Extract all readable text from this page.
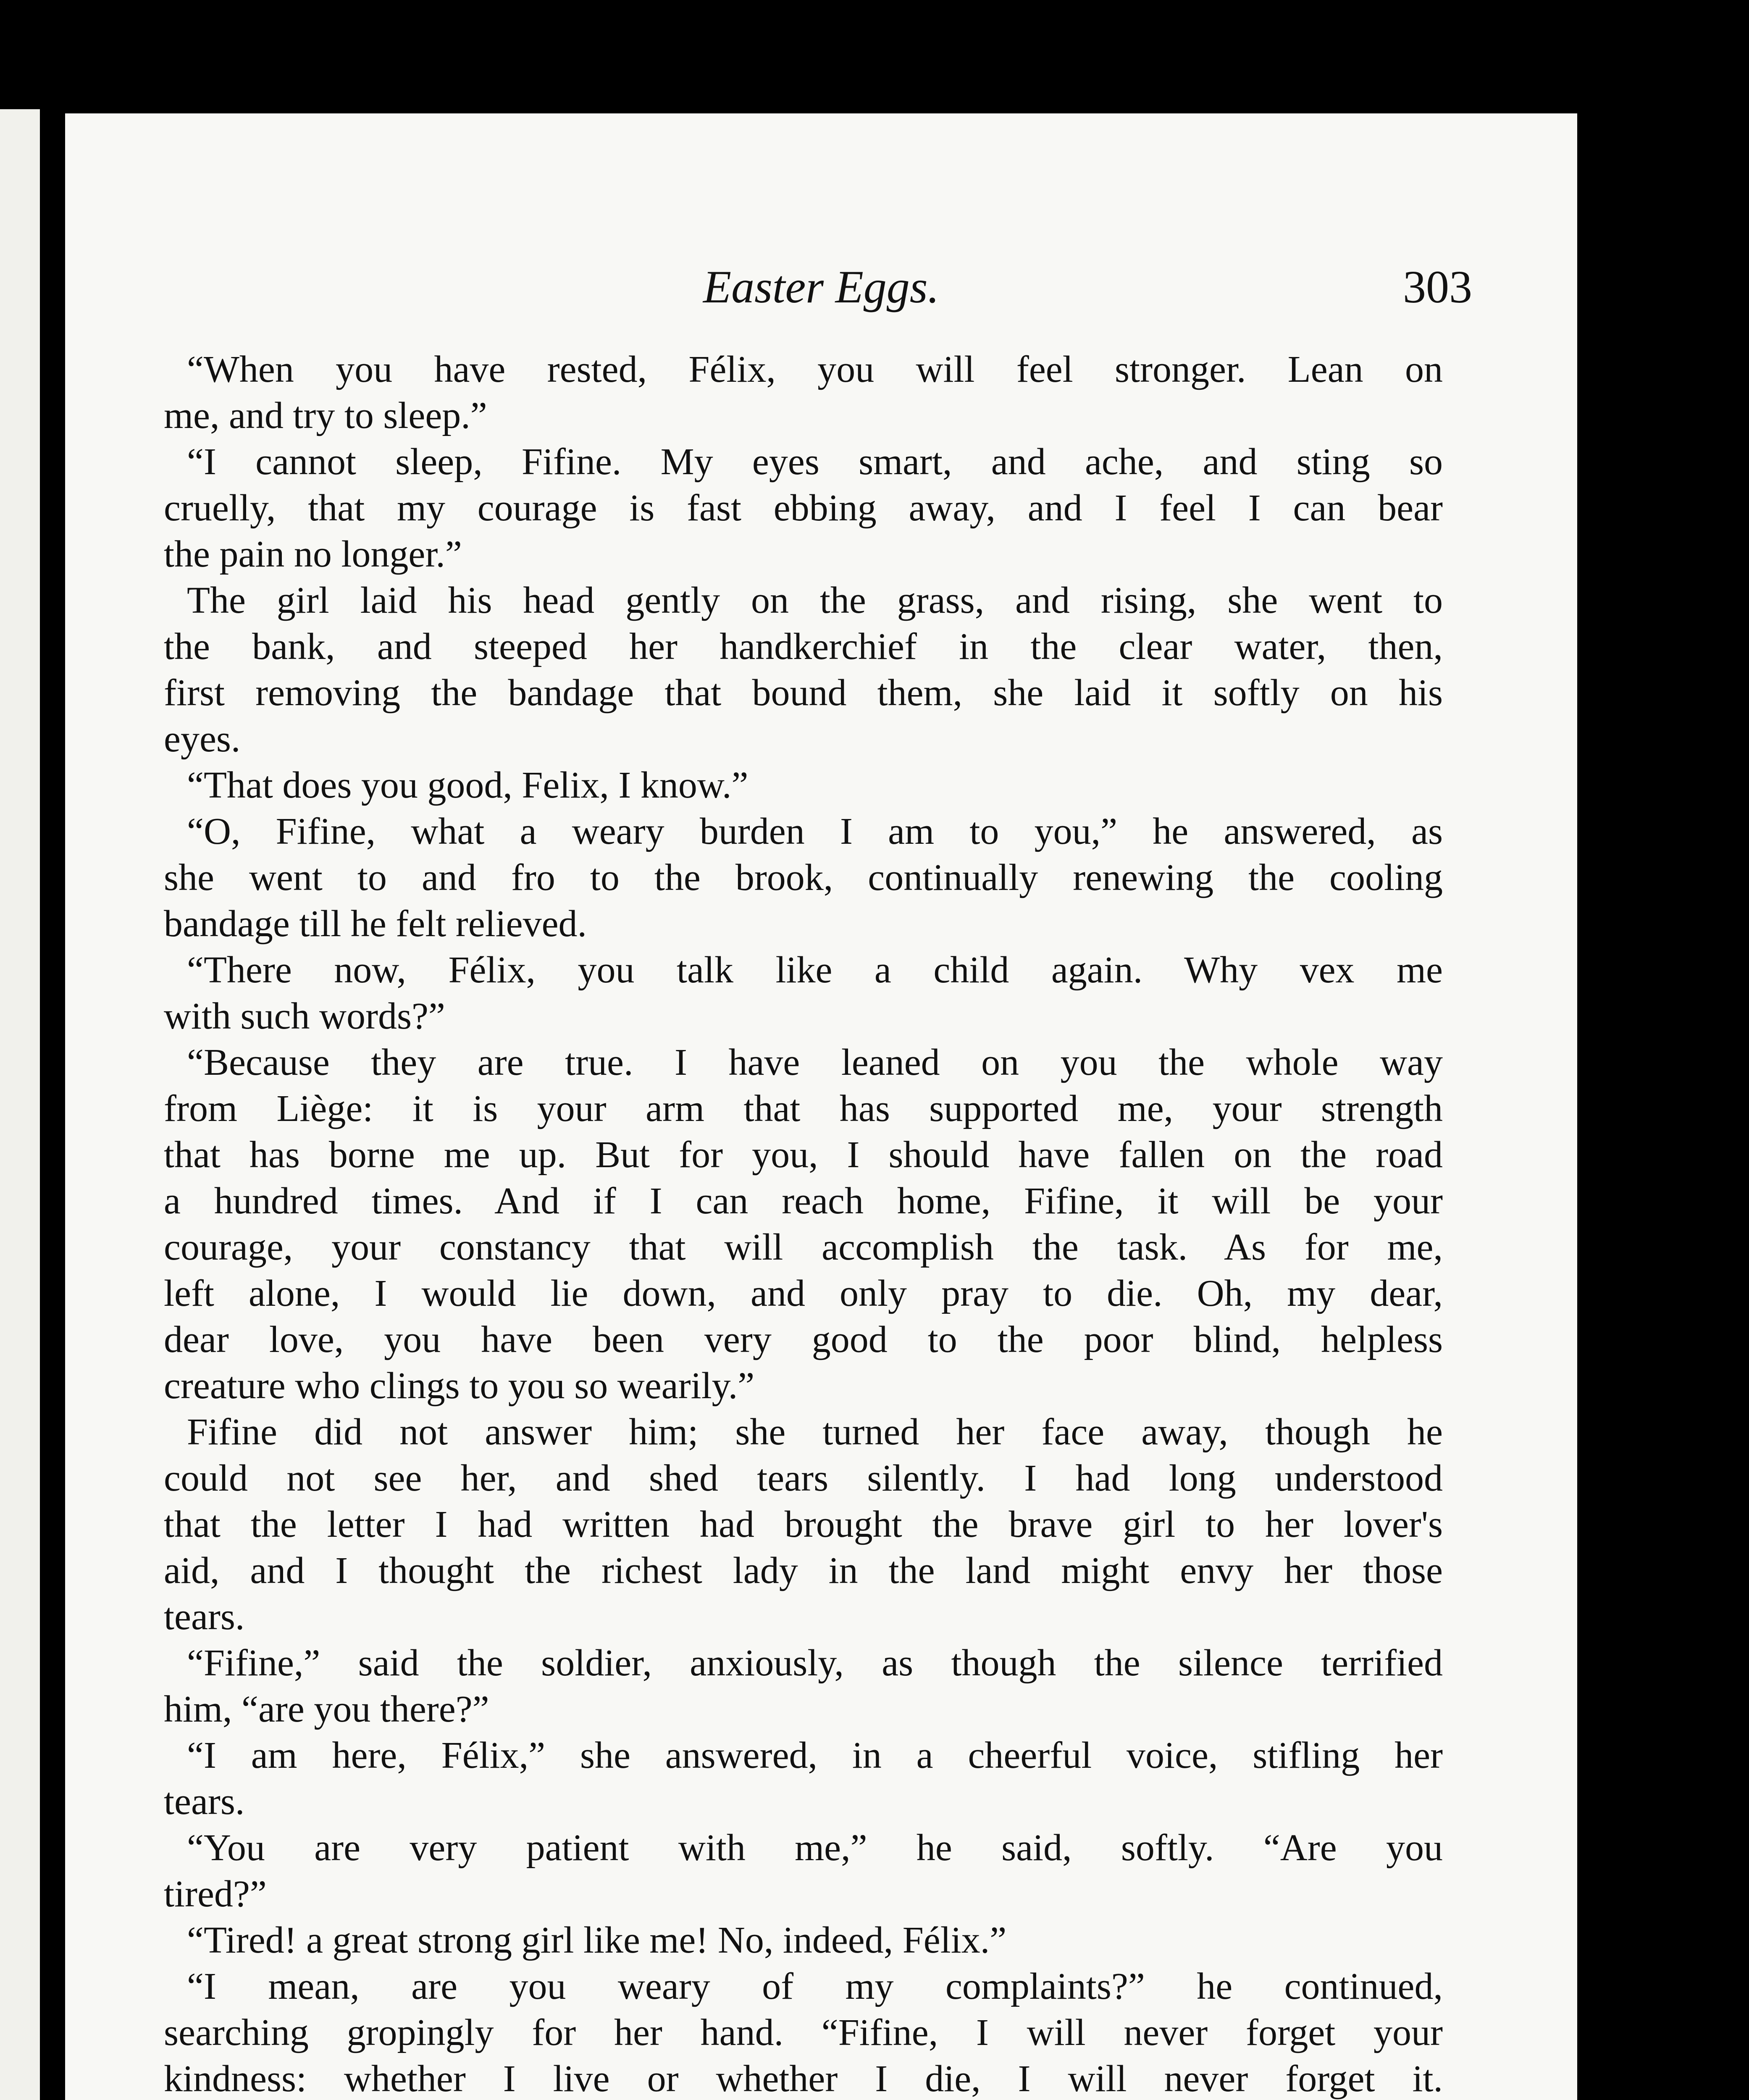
Easter Eggs.	303
“When you have rested, Félix, you will feel stronger. Lean on
me, and try to sleep.”
“I cannot sleep, Fifine. My eyes smart, and ache, and sting so
cruelly, that my courage is fast ebbing away, and I feel I can bear
the pain no longer.”
The girl laid his head gently on the grass, and rising, she went to
the bank, and steeped her handkerchief in the clear water, then,
first removing the bandage that bound them, she laid it softly on his
eyes.
“That does you good, Felix, I know.”
“O, Fifine, what a weary burden I am to you,” he answered, as
she went to and fro to the brook, continually renewing the cooling
bandage till he felt relieved.
“There now, Félix, you talk like a child again. Why vex me
with such words?”
“Because they are true. I have leaned on you the whole way
from Liège: it is your arm that has supported me, your strength
that has borne me up. But for you, I should have fallen on the road
a hundred times. And if I can reach home, Fifine, it will be your
courage, your constancy that will accomplish the task. As for me,
left alone, I would lie down, and only pray to die. Oh, my dear,
dear love, you have been very good to the poor blind, helpless
creature who clings to you so wearily.”
Fifine did not answer him; she turned her face away, though he
could not see her, and shed tears silently. I had long understood
that the letter I had written had brought the brave girl to her lover's
aid, and I thought the richest lady in the land might envy her those
tears.
“Fifine,” said the soldier, anxiously, as though the silence terrified
him, “are you there?”
“I am here, Félix,” she answered, in a cheerful voice, stifling her
tears.
“You are very patient with me,” he said, softly. “Are you
tired?”
“Tired! a great strong girl like me! No, indeed, Félix.”
“I mean, are you weary of my complaints?” he continued,
searching gropingly for her hand. “Fifine, I will never forget your
kindness: whether I live or whether I die, I will never forget it.
